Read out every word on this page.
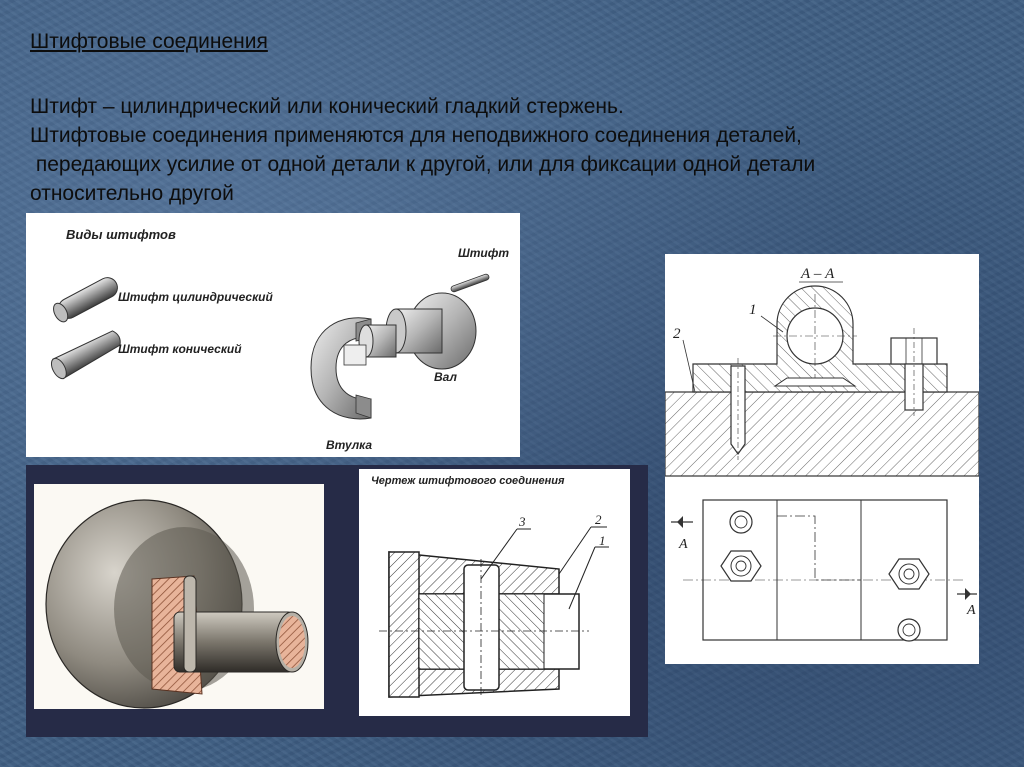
Штифтовые соединения

Штифт – цилиндрический или конический гладкий стержень.
Штифтовые соединения применяются для неподвижного соединения деталей,
передающих усилие от одной детали к другой, или для фиксации одной детали
относительно другой

Виды штифтов
Штифт цилиндрический
Штифт конический
Штифт
Вал
Втулка
Чертеж штифтового соединения
3	2
1
А – А
1
2
А
А
